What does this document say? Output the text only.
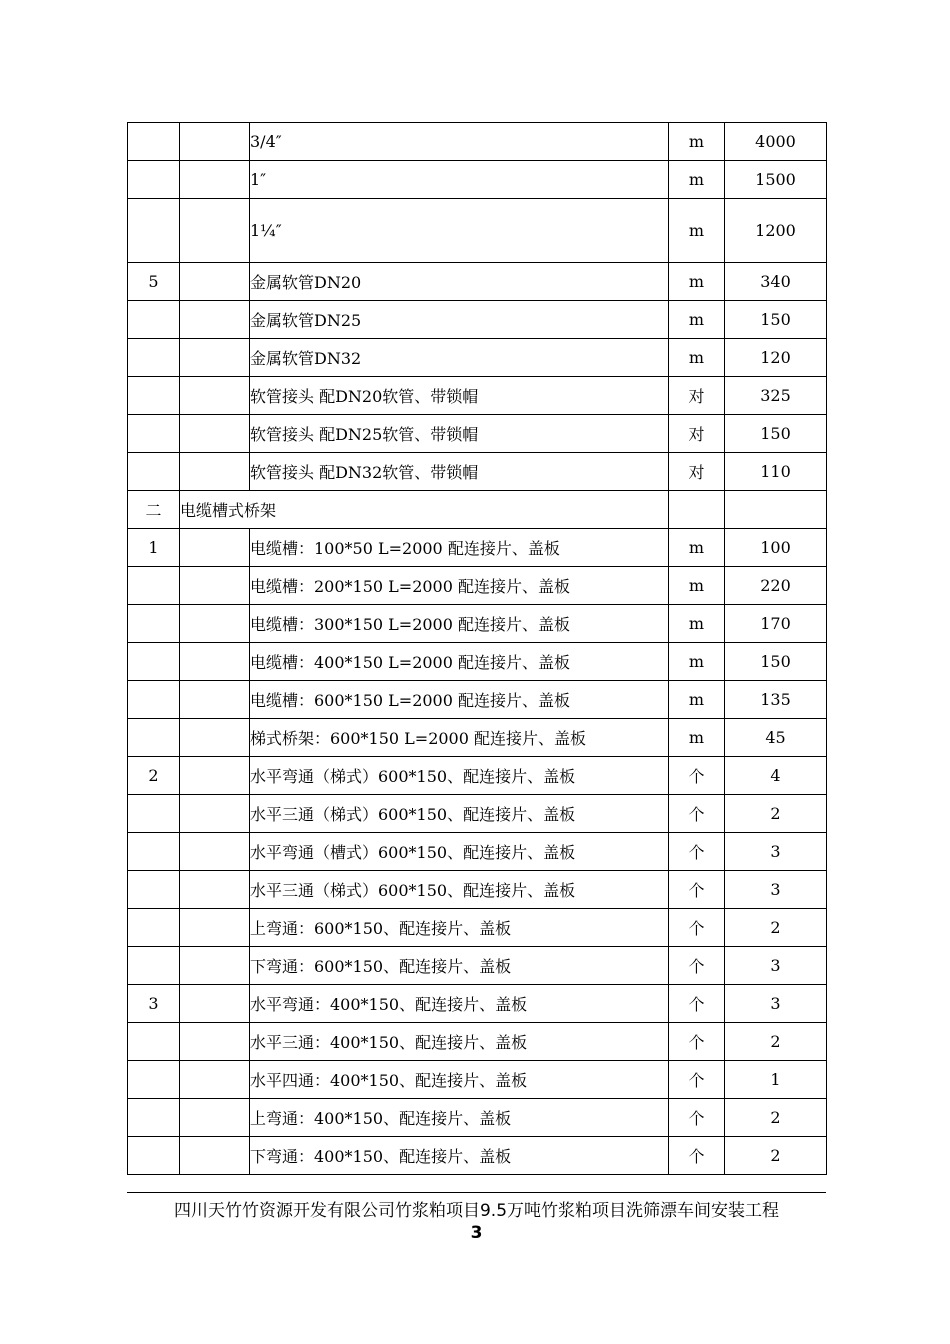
		3/4″	m	4000
		1″	m	1500
		1¼″	m	1200
5		金属软管DN20	m	340
		金属软管DN25	m	150
		金属软管DN32	m	120
		软管接头 配DN20软管、带锁帽	对	325
		软管接头 配DN25软管、带锁帽	对	150
		软管接头 配DN32软管、带锁帽	对	110
二	电缆槽式桥架			
1		电缆槽：100*50 L=2000 配连接片、盖板	m	100
		电缆槽：200*150 L=2000 配连接片、盖板	m	220
		电缆槽：300*150 L=2000 配连接片、盖板	m	170
		电缆槽：400*150 L=2000 配连接片、盖板	m	150
		电缆槽：600*150 L=2000 配连接片、盖板	m	135
		梯式桥架：600*150 L=2000 配连接片、盖板	m	45
2		水平弯通（梯式）600*150、配连接片、盖板	个	4
		水平三通（梯式）600*150、配连接片、盖板	个	2
		水平弯通（槽式）600*150、配连接片、盖板	个	3
		水平三通（梯式）600*150、配连接片、盖板	个	3
		上弯通：600*150、配连接片、盖板	个	2
		下弯通：600*150、配连接片、盖板	个	3
3		水平弯通：400*150、配连接片、盖板	个	3
		水平三通：400*150、配连接片、盖板	个	2
		水平四通：400*150、配连接片、盖板	个	1
		上弯通：400*150、配连接片、盖板	个	2
		下弯通：400*150、配连接片、盖板	个	2
四川天竹竹资源开发有限公司竹浆粕项目9.5万吨竹浆粕项目洗筛漂车间安装工程
3
